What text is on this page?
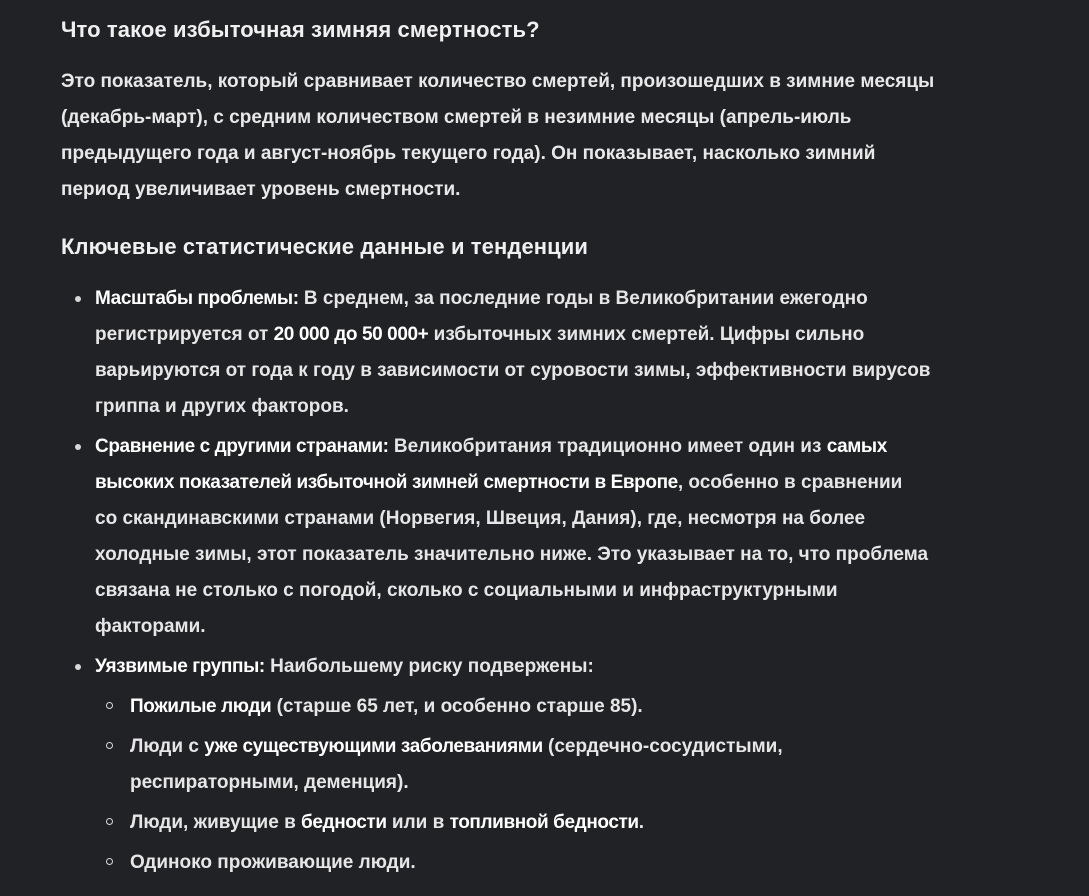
Что такое избыточная зимняя смертность?

Это показатель, который сравнивает количество смертей, произошедших в зимние месяцы
(декабрь-март), с средним количеством смертей в незимние месяцы (апрель-июль
предыдущего года и август-ноябрь текущего года). Он показывает, насколько зимний
период увеличивает уровень смертности.

Ключевые статистические данные и тенденции
Масштабы проблемы: В среднем, за последние годы в Великобритании ежегодно
регистрируется от 20 000 до 50 000+ избыточных зимних смертей. Цифры сильно
варьируются от года к году в зависимости от суровости зимы, эффективности вирусов
гриппа и других факторов.
Сравнение с другими странами: Великобритания традиционно имеет один из самых
высоких показателей избыточной зимней смертности в Европе, особенно в сравнении
со скандинавскими странами (Норвегия, Швеция, Дания), где, несмотря на более
холодные зимы, этот показатель значительно ниже. Это указывает на то, что проблема
связана не столько с погодой, сколько с социальными и инфраструктурными
факторами.
Уязвимые группы: Наибольшему риску подвержены:
Пожилые люди (старше 65 лет, и особенно старше 85).
Люди с уже существующими заболеваниями (сердечно-сосудистыми,
респираторными, деменция).
Люди, живущие в бедности или в топливной бедности.
Одиноко проживающие люди.
